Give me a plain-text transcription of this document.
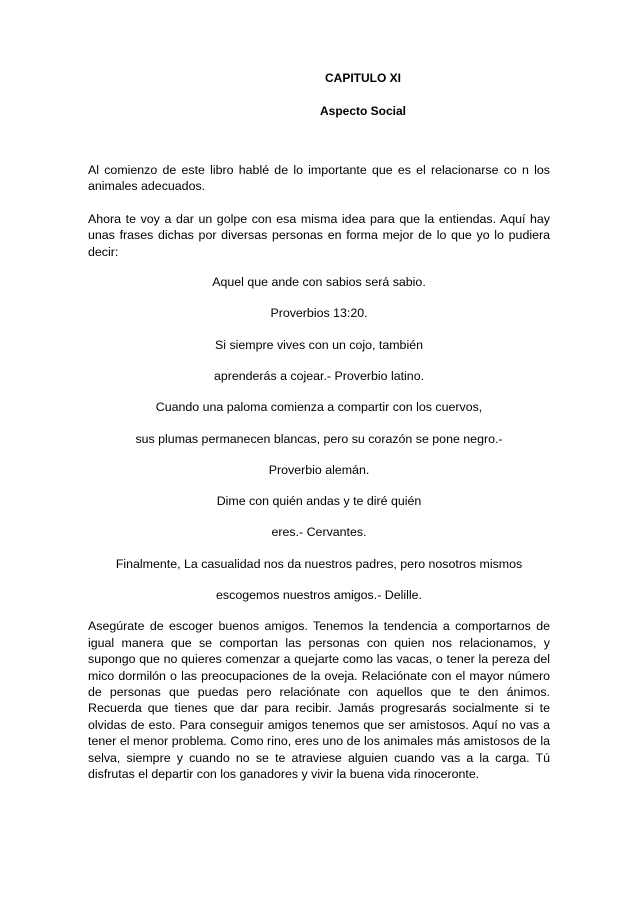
CAPITULO XI

Aspecto Social

Al comienzo de este libro hablé de lo importante que es el relacionarse co n los animales adecuados.

Ahora te voy a dar un golpe con esa misma idea para que la entiendas. Aquí hay unas frases dichas por diversas personas en forma mejor de lo que yo lo pudiera decir:

Aquel que ande con sabios será sabio.

Proverbios 13:20.

Si siempre vives con un cojo, también

aprenderás a cojear.- Proverbio latino.

Cuando una paloma comienza a compartir con los cuervos,

sus plumas permanecen blancas, pero su corazón se pone negro.-

Proverbio alemán.

Dime con quién andas y te diré quién

eres.- Cervantes.

Finalmente, La casualidad nos da nuestros padres, pero nosotros mismos

escogemos nuestros amigos.- Delille.

Asegúrate de escoger buenos amigos. Tenemos la tendencia a comportarnos de igual manera que se comportan las personas con quien nos relacionamos, y supongo que no quieres comenzar a quejarte como las vacas, o tener la pereza del mico dormilón o las preocupaciones de la oveja. Relaciónate con el mayor número de personas que puedas pero relaciónate con aquellos que te den ánimos. Recuerda que tienes que dar para recibir. Jamás progresarás socialmente si te olvidas de esto. Para conseguir amigos tenemos que ser amistosos. Aquí no vas a tener el menor problema. Como rino, eres uno de los animales más amistosos de la selva, siempre y cuando no se te atraviese alguien cuando vas a la carga. Tú disfrutas el departir con los ganadores y vivir la buena vida rinoceronte.
